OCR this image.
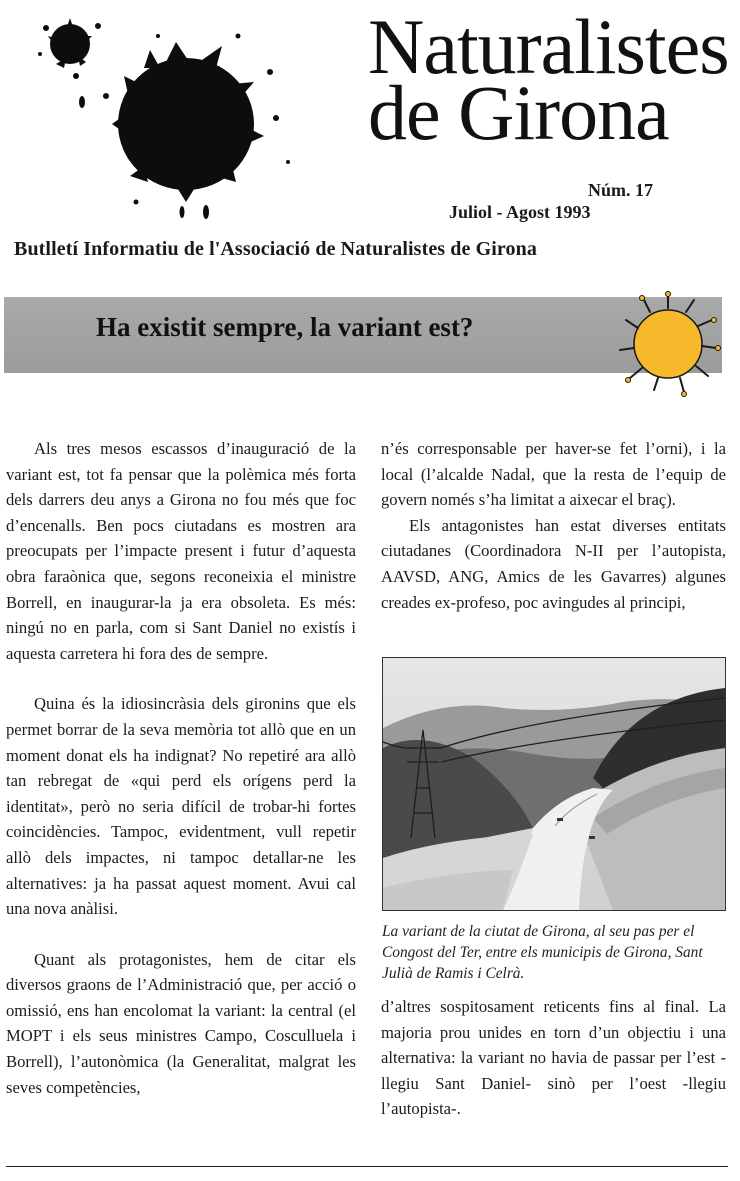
Naturalistes
de Girona
Núm. 17
Juliol - Agost 1993
Butlletí Informatiu de l'Associació de Naturalistes de Girona
Ha existit sempre, la variant est?

Als tres mesos escassos d’inauguració de la variant est, tot fa pensar que la polèmica més forta dels darrers deu anys a Girona no fou més que foc d’encenalls. Ben pocs ciutadans es mostren ara preocupats per l’impacte present i futur d’aquesta obra faraònica que, segons reconeixia el ministre Borrell, en inaugurar-la ja era obsoleta. Es més: ningú no en parla, com si Sant Daniel no existís i aquesta carretera hi fora des de sempre.

Quina és la idiosincràsia dels gironins que els permet borrar de la seva memòria tot allò que en un moment donat els ha indignat? No repetiré ara allò tan rebregat de «qui perd els orígens perd la identitat», però no seria difícil de trobar-hi fortes coincidències. Tampoc, evidentment, vull repetir allò dels impactes, ni tampoc detallar-ne les alternatives: ja ha passat aquest moment. Avui cal una nova anàlisi.

Quant als protagonistes, hem de citar els diversos graons de l’Administració que, per acció o omissió, ens han encolomat la variant: la central (el MOPT i els seus ministres Campo, Cosculluela i Borrell), l’autonòmica (la Generalitat, malgrat les seves competències,

n’és corresponsable per haver-se fet l’orni), i la local (l’alcalde Nadal, que la resta de l’equip de govern només s’ha limitat a aixecar el braç).

Els antagonistes han estat diverses entitats ciutadanes (Coordinadora N-II per l’autopista, AAVSD, ANG, Amics de les Gavarres) algunes creades ex-profeso, poc avingudes al principi,

La variant de la ciutat de Girona, al seu pas per el Congost del Ter, entre els municipis de Girona, Sant Julià de Ramis i Celrà.

d’altres sospitosament reticents fins al final. La majoria prou unides en torn d’un objectiu i una alternativa: la variant no havia de passar per l’est -llegiu Sant Daniel- sinò per l’oest -llegiu l’autopista-.
